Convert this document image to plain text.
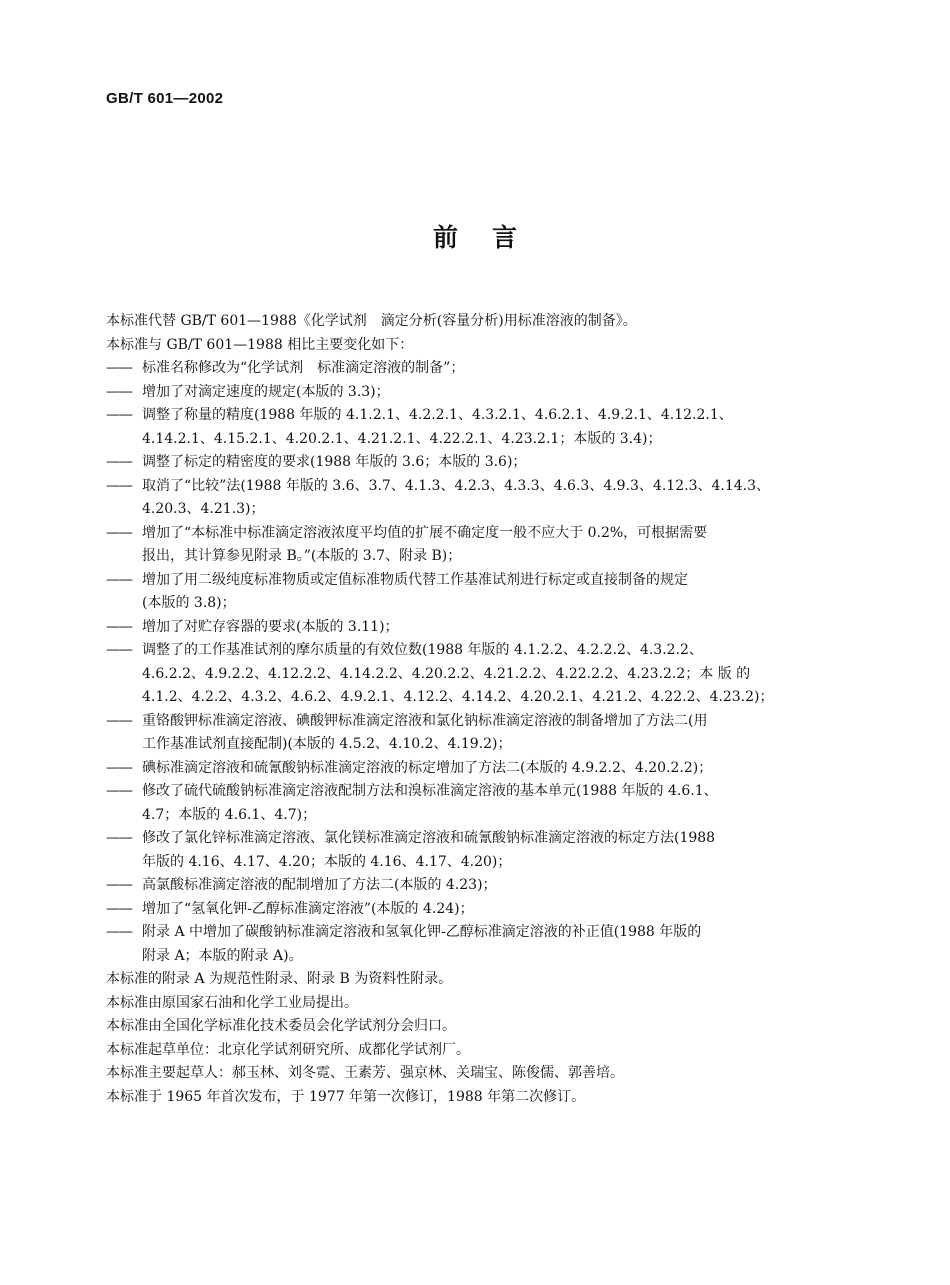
GB/T 601—2002
前言
本标准代替 GB/T 601—1988《化学试剂　滴定分析(容量分析)用标准溶液的制备》。
本标准与 GB/T 601—1988 相比主要变化如下：
—— 标准名称修改为“化学试剂　标准滴定溶液的制备”；
—— 增加了对滴定速度的规定(本版的 3.3)；
—— 调整了称量的精度(1988 年版的 4.1.2.1、4.2.2.1、4.3.2.1、4.6.2.1、4.9.2.1、4.12.2.1、
4.14.2.1、4.15.2.1、4.20.2.1、4.21.2.1、4.22.2.1、4.23.2.1；本版的 3.4)；
—— 调整了标定的精密度的要求(1988 年版的 3.6；本版的 3.6)；
—— 取消了“比较”法(1988 年版的 3.6、3.7、4.1.3、4.2.3、4.3.3、4.6.3、4.9.3、4.12.3、4.14.3、
4.20.3、4.21.3)；
—— 增加了“本标准中标准滴定溶液浓度平均值的扩展不确定度一般不应大于 0.2%，可根据需要
报出，其计算参见附录 B。”(本版的 3.7、附录 B)；
—— 增加了用二级纯度标准物质或定值标准物质代替工作基准试剂进行标定或直接制备的规定
(本版的 3.8)；
—— 增加了对贮存容器的要求(本版的 3.11)；
—— 调整了的工作基准试剂的摩尔质量的有效位数(1988 年版的 4.1.2.2、4.2.2.2、4.3.2.2、
4.6.2.2、4.9.2.2、4.12.2.2、4.14.2.2、4.20.2.2、4.21.2.2、4.22.2.2、4.23.2.2；本 版 的
4.1.2、4.2.2、4.3.2、4.6.2、4.9.2.1、4.12.2、4.14.2、4.20.2.1、4.21.2、4.22.2、4.23.2)；
—— 重铬酸钾标准滴定溶液、碘酸钾标准滴定溶液和氯化钠标准滴定溶液的制备增加了方法二(用
工作基准试剂直接配制)(本版的 4.5.2、4.10.2、4.19.2)；
—— 碘标准滴定溶液和硫氰酸钠标准滴定溶液的标定增加了方法二(本版的 4.9.2.2、4.20.2.2)；
—— 修改了硫代硫酸钠标准滴定溶液配制方法和溴标准滴定溶液的基本单元(1988 年版的 4.6.1、
4.7；本版的 4.6.1、4.7)；
—— 修改了氯化锌标准滴定溶液、氯化镁标准滴定溶液和硫氰酸钠标准滴定溶液的标定方法(1988
年版的 4.16、4.17、4.20；本版的 4.16、4.17、4.20)；
—— 高氯酸标准滴定溶液的配制增加了方法二(本版的 4.23)；
—— 增加了“氢氧化钾-乙醇标准滴定溶液”(本版的 4.24)；
—— 附录 A 中增加了碳酸钠标准滴定溶液和氢氧化钾-乙醇标准滴定溶液的补正值(1988 年版的
附录 A；本版的附录 A)。
本标准的附录 A 为规范性附录、附录 B 为资料性附录。
本标准由原国家石油和化学工业局提出。
本标准由全国化学标准化技术委员会化学试剂分会归口。
本标准起草单位：北京化学试剂研究所、成都化学试剂厂。
本标准主要起草人：郝玉林、刘冬霓、王素芳、强京林、关瑞宝、陈俊儒、郭善培。
本标准于 1965 年首次发布，于 1977 年第一次修订，1988 年第二次修订。
